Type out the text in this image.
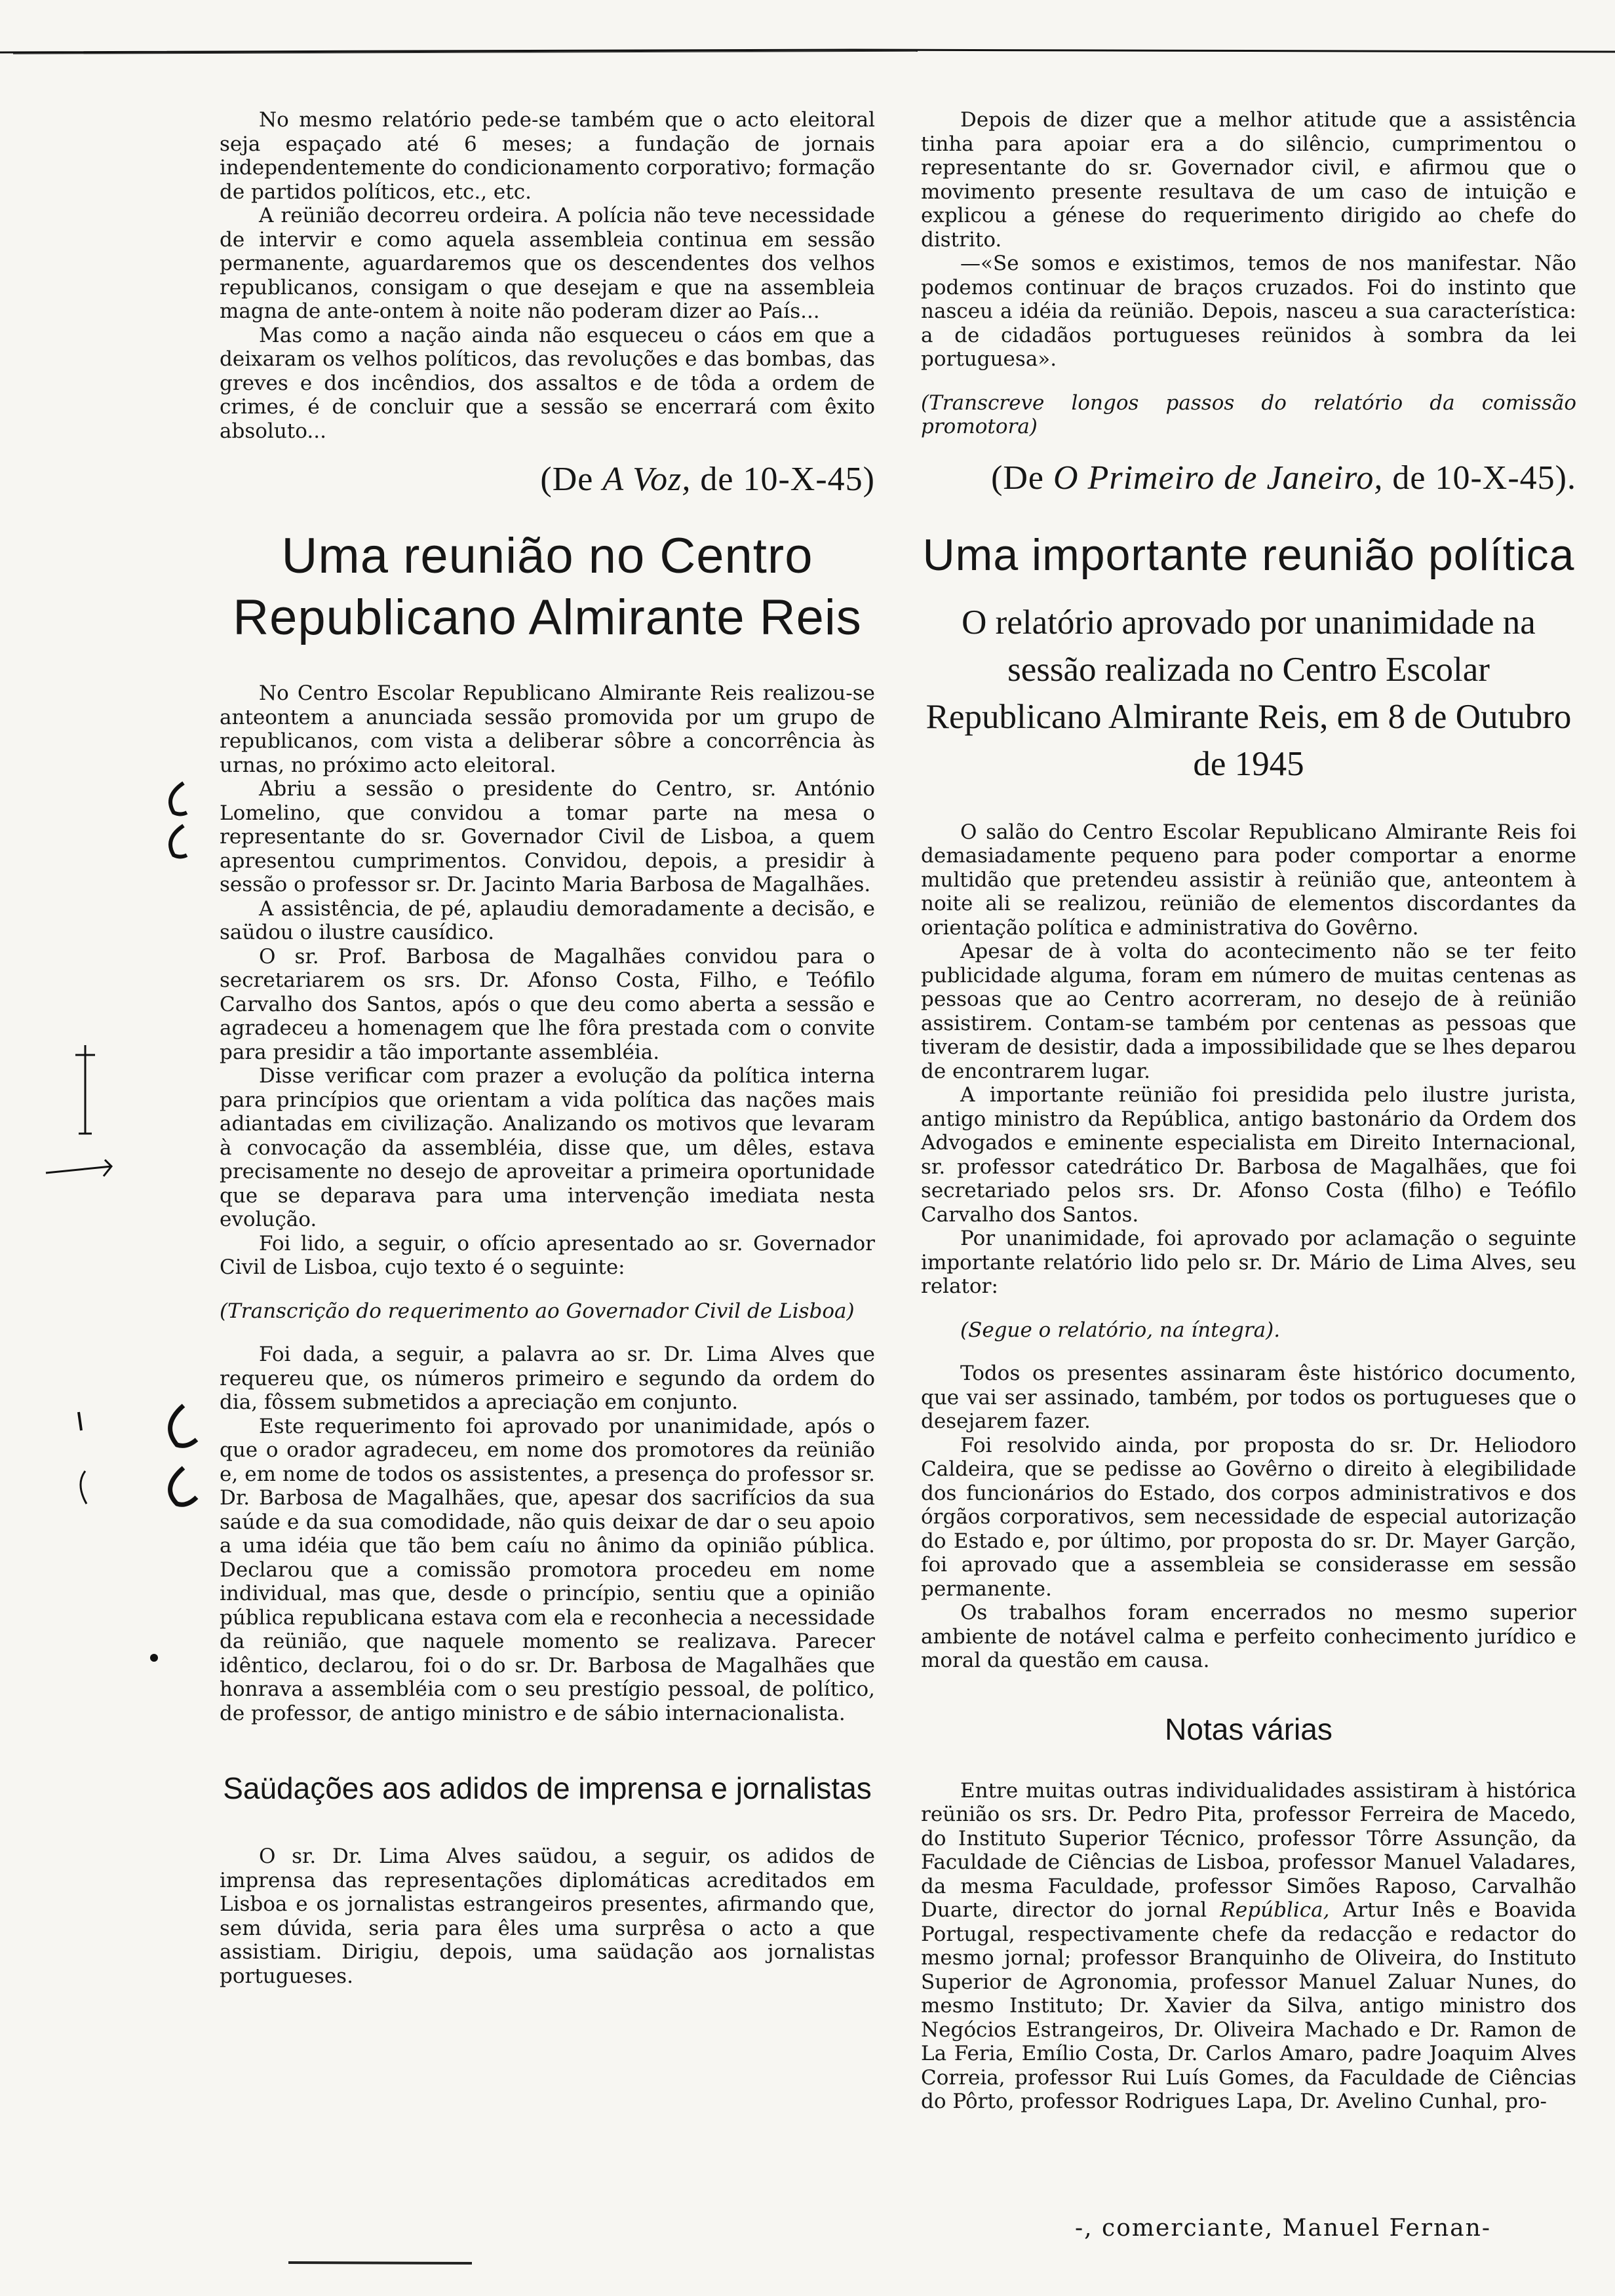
No mesmo relatório pede-se também que o acto eleitoral seja espaçado até 6 meses; a fundação de jornais independentemente do condicionamento corporativo; formação de partidos políticos, etc., etc.

A reünião decorreu ordeira. A polícia não teve necessidade de intervir e como aquela assembleia continua em sessão permanente, aguardaremos que os descendentes dos velhos republicanos, consigam o que desejam e que na assembleia magna de ante-ontem à noite não poderam dizer ao País...

Mas como a nação ainda não esqueceu o cáos em que a deixaram os velhos políticos, das revoluções e das bombas, das greves e dos incêndios, dos assaltos e de tôda a ordem de crimes, é de concluir que a sessão se encerrará com êxito absoluto...

(De A Voz, de 10-X-45)
Uma reunião no Centro Republicano Almirante Reis

No Centro Escolar Republicano Almirante Reis realizou-se anteontem a anunciada sessão promovida por um grupo de republicanos, com vista a deliberar sôbre a concorrência às urnas, no próximo acto eleitoral.

Abriu a sessão o presidente do Centro, sr. António Lomelino, que convidou a tomar parte na mesa o representante do sr. Governador Civil de Lisboa, a quem apresentou cumprimentos. Convidou, depois, a presidir à sessão o professor sr. Dr. Jacinto Maria Barbosa de Magalhães.

A assistência, de pé, aplaudiu demoradamente a decisão, e saüdou o ilustre causídico.

O sr. Prof. Barbosa de Magalhães convidou para o secretariarem os srs. Dr. Afonso Costa, Filho, e Teófilo Carvalho dos Santos, após o que deu como aberta a sessão e agradeceu a homenagem que lhe fôra prestada com o convite para presidir a tão importante assembléia.

Disse verificar com prazer a evolução da política interna para princípios que orientam a vida política das nações mais adiantadas em civilização. Analizando os motivos que levaram à convocação da assembléia, disse que, um dêles, estava precisamente no desejo de aproveitar a primeira oportunidade que se deparava para uma intervenção imediata nesta evolução.

Foi lido, a seguir, o ofício apresentado ao sr. Governador Civil de Lisboa, cujo texto é o seguinte:

(Transcrição do requerimento ao Governador Civil de Lisboa)

Foi dada, a seguir, a palavra ao sr. Dr. Lima Alves que requereu que, os números primeiro e segundo da ordem do dia, fôssem submetidos a apreciação em conjunto.

Este requerimento foi aprovado por unanimidade, após o que o orador agradeceu, em nome dos promotores da reünião e, em nome de todos os assistentes, a presença do professor sr. Dr. Barbosa de Magalhães, que, apesar dos sacrifícios da sua saúde e da sua comodidade, não quis deixar de dar o seu apoio a uma idéia que tão bem caíu no ânimo da opinião pública. Declarou que a comissão promotora procedeu em nome individual, mas que, desde o princípio, sentiu que a opinião pública republicana estava com ela e reconhecia a necessidade da reünião, que naquele momento se realizava. Parecer idêntico, declarou, foi o do sr. Dr. Barbosa de Magalhães que honrava a assembléia com o seu prestígio pessoal, de político, de professor, de antigo ministro e de sábio internacionalista.

Saüdações aos adidos de imprensa e jornalistas

O sr. Dr. Lima Alves saüdou, a seguir, os adidos de imprensa das representações diplomáticas acreditados em Lisboa e os jornalistas estrangeiros presentes, afirmando que, sem dúvida, seria para êles uma surprêsa o acto a que assistiam. Dirigiu, depois, uma saüdação aos jornalistas portugueses.

Depois de dizer que a melhor atitude que a assistência tinha para apoiar era a do silêncio, cumprimentou o representante do sr. Governador civil, e afirmou que o movimento presente resultava de um caso de intuição e explicou a génese do requerimento dirigido ao chefe do distrito.

—«Se somos e existimos, temos de nos manifestar. Não podemos continuar de braços cruzados. Foi do instinto que nasceu a idéia da reünião. Depois, nasceu a sua característica: a de cidadãos portugueses reünidos à sombra da lei portuguesa».

(Transcreve longos passos do relatório da comissão promotora)

(De O Primeiro de Janeiro, de 10-X-45).
Uma importante reunião política
O relatório aprovado por unanimidade na sessão realizada no Centro Escolar Republicano Almirante Reis, em 8 de Outubro de 1945

O salão do Centro Escolar Republicano Almirante Reis foi demasiadamente pequeno para poder comportar a enorme multidão que pretendeu assistir à reünião que, anteontem à noite ali se realizou, reünião de elementos discordantes da orientação política e administrativa do Govêrno.

Apesar de à volta do acontecimento não se ter feito publicidade alguma, foram em número de muitas centenas as pessoas que ao Centro acorreram, no desejo de à reünião assistirem. Contam-se também por centenas as pessoas que tiveram de desistir, dada a impossibilidade que se lhes deparou de encontrarem lugar.

A importante reünião foi presidida pelo ilustre jurista, antigo ministro da República, antigo bastonário da Ordem dos Advogados e eminente especialista em Direito Internacional, sr. professor catedrático Dr. Barbosa de Magalhães, que foi secretariado pelos srs. Dr. Afonso Costa (filho) e Teófilo Carvalho dos Santos.

Por unanimidade, foi aprovado por aclamação o seguinte importante relatório lido pelo sr. Dr. Mário de Lima Alves, seu relator:

(Segue o relatório, na íntegra).

Todos os presentes assinaram êste histórico documento, que vai ser assinado, também, por todos os portugueses que o desejarem fazer.

Foi resolvido ainda, por proposta do sr. Dr. Heliodoro Caldeira, que se pedisse ao Govêrno o direito à elegibilidade dos funcionários do Estado, dos corpos administrativos e dos órgãos corporativos, sem necessidade de especial autorização do Estado e, por último, por proposta do sr. Dr. Mayer Garção, foi aprovado que a assembleia se considerasse em sessão permanente.

Os trabalhos foram encerrados no mesmo superior ambiente de notável calma e perfeito conhecimento jurídico e moral da questão em causa.

Notas várias

Entre muitas outras individualidades assistiram à histórica reünião os srs. Dr. Pedro Pita, professor Ferreira de Macedo, do Instituto Superior Técnico, professor Tôrre Assunção, da Faculdade de Ciências de Lisboa, professor Manuel Valadares, da mesma Faculdade, professor Simões Raposo, Carvalhão Duarte, director do jornal República, Artur Inês e Boavida Portugal, respectivamente chefe da redacção e redactor do mesmo jornal; professor Branquinho de Oliveira, do Instituto Superior de Agronomia, professor Manuel Zaluar Nunes, do mesmo Instituto; Dr. Xavier da Silva, antigo ministro dos Negócios Estrangeiros, Dr. Oliveira Machado e Dr. Ramon de La Feria, Emílio Costa, Dr. Carlos Amaro, padre Joaquim Alves Correia, professor Rui Luís Gomes, da Faculdade de Ciências do Pôrto, professor Rodrigues Lapa, Dr. Avelino Cunhal, pro-

-, comerciante, Manuel Fernan-
